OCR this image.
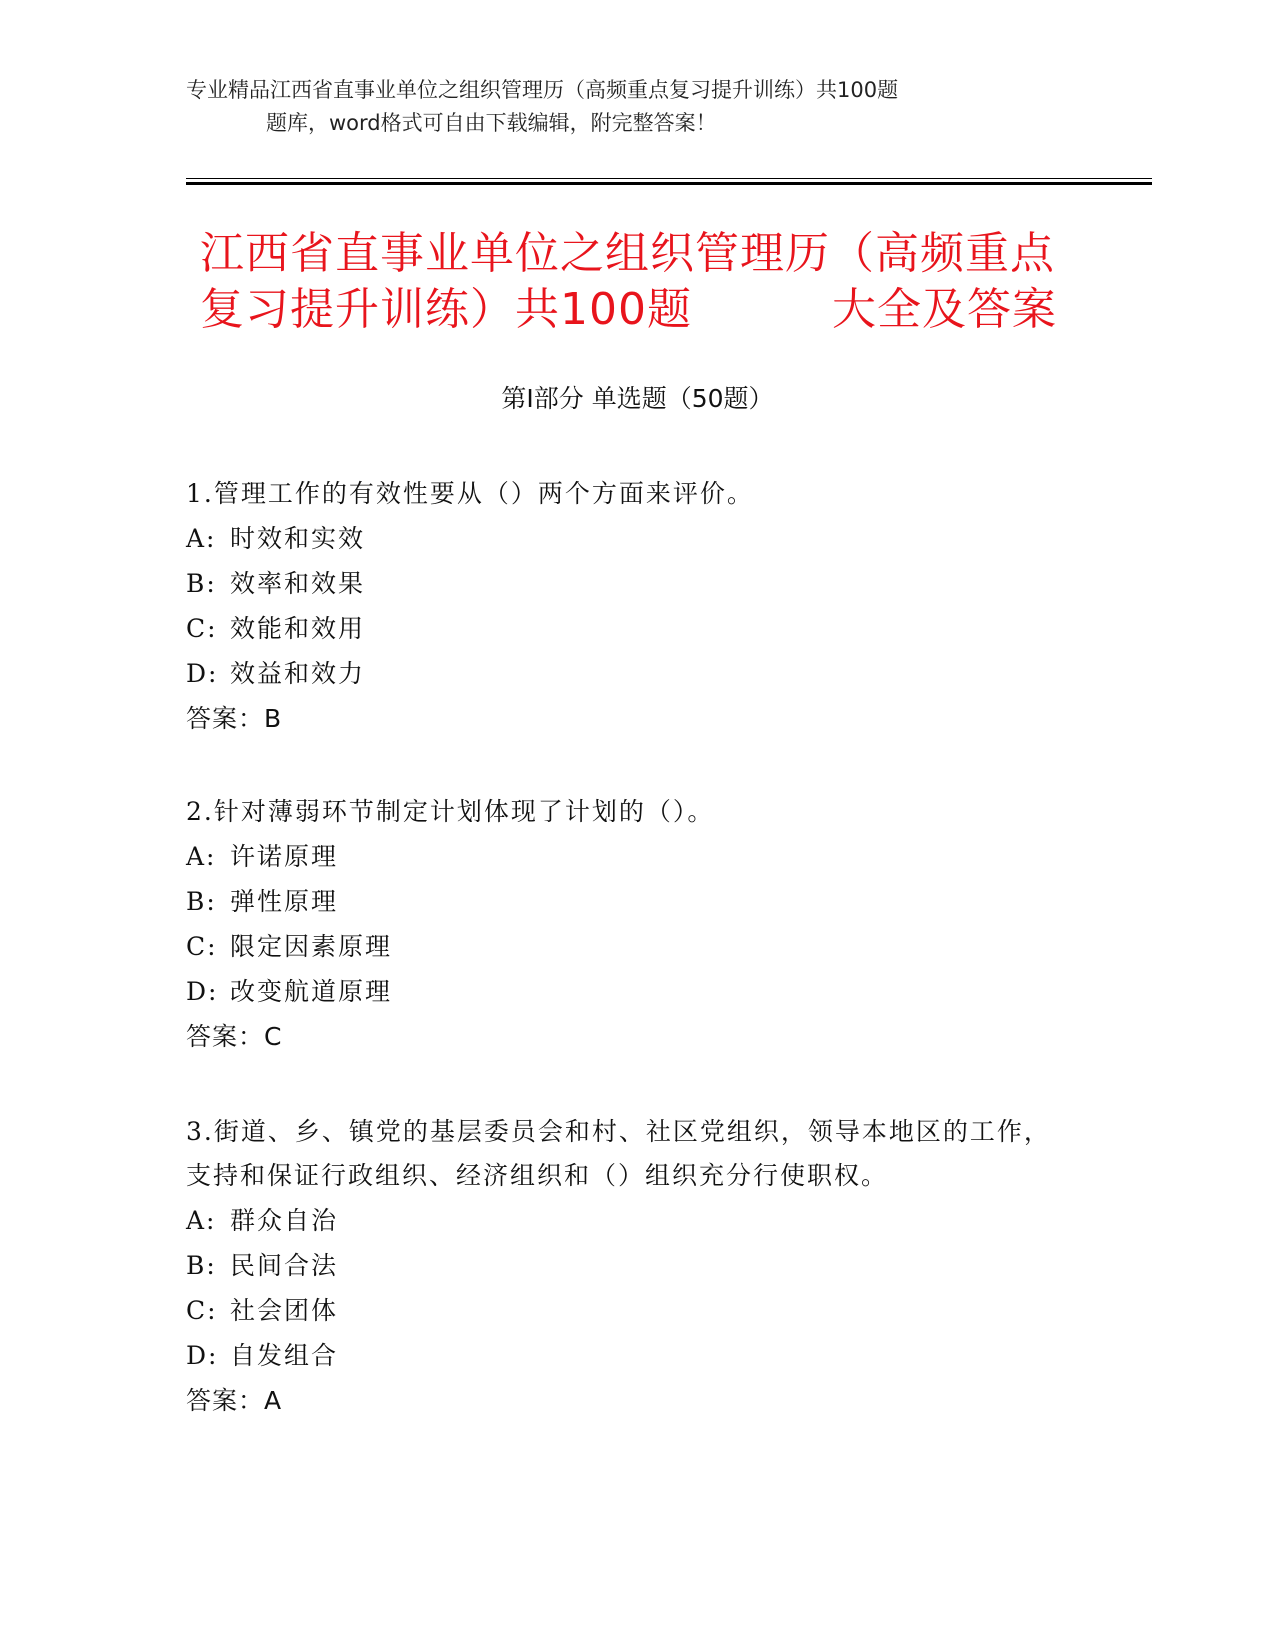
专业精品江西省直事业单位之组织管理历（高频重点复习提升训练）共100题
题库，word格式可自由下载编辑，附完整答案！
江西省直事业单位之组织管理历（高频重点
复习提升训练）共100题	大全及答案
第Ⅰ部分 单选题（50题）
1.管理工作的有效性要从（）两个方面来评价。
A: 时效和实效
B: 效率和效果
C: 效能和效用
D: 效益和效力
答案：B
2.针对薄弱环节制定计划体现了计划的（）。
A: 许诺原理
B: 弹性原理
C: 限定因素原理
D: 改变航道原理
答案：C
3.街道、乡、镇党的基层委员会和村、社区党组织，领导本地区的工作，支持和保证行政组织、经济组织和（）组织充分行使职权。
A: 群众自治
B: 民间合法
C: 社会团体
D: 自发组合
答案：A
